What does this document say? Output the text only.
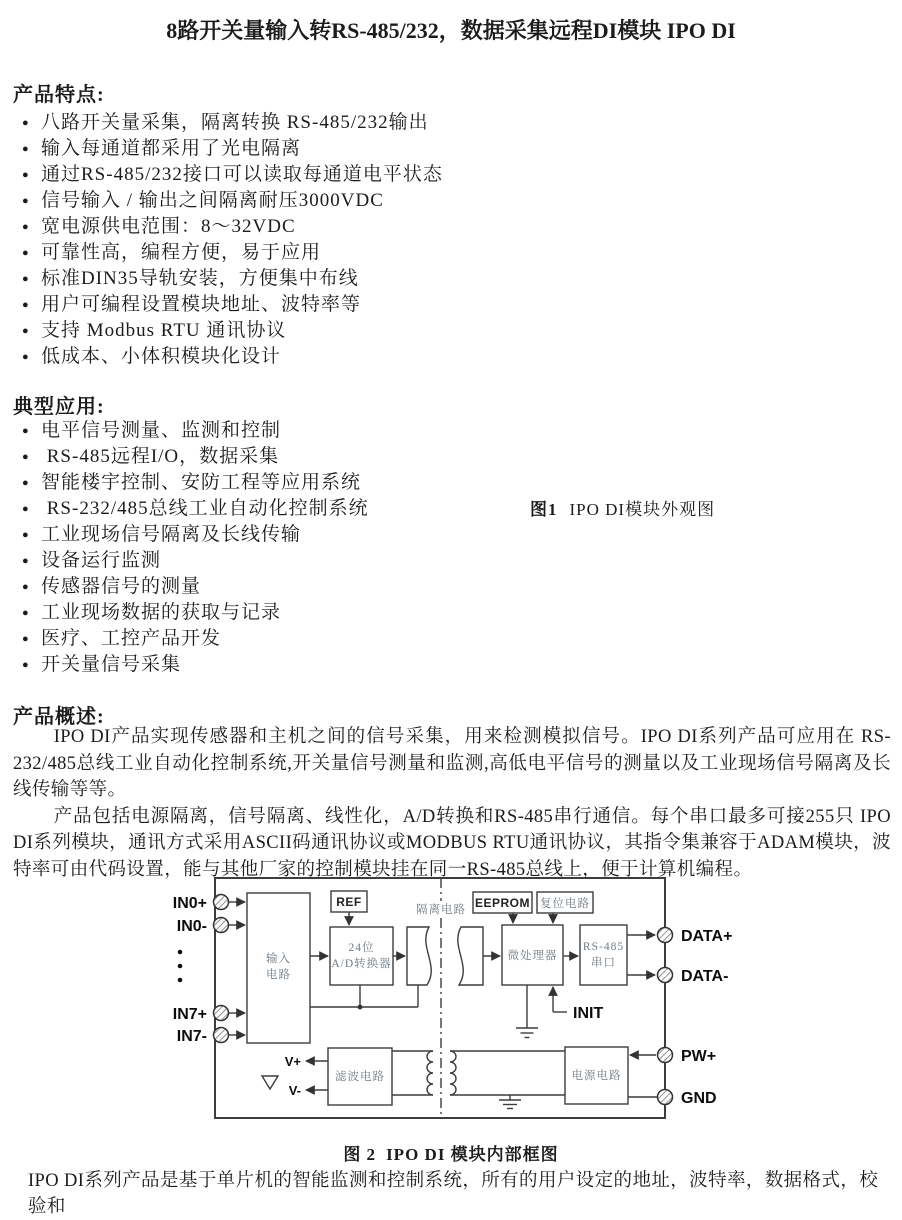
8路开关量输入转RS-485/232，数据采集远程DI模块 IPO DI
产品特点:
● 八路开关量采集，隔离转换 RS-485/232输出
● 输入每通道都采用了光电隔离
● 通过RS-485/232接口可以读取每通道电平状态
● 信号输入 / 输出之间隔离耐压3000VDC
● 宽电源供电范围：8～32VDC
● 可靠性高，编程方便，易于应用
● 标准DIN35导轨安装，方便集中布线
● 用户可编程设置模块地址、波特率等
● 支持 Modbus RTU 通讯协议
● 低成本、小体积模块化设计
典型应用:
● 电平信号测量、监测和控制
●  RS-485远程I/O，数据采集
● 智能楼宇控制、安防工程等应用系统
●  RS-232/485总线工业自动化控制系统
● 工业现场信号隔离及长线传输
● 设备运行监测
● 传感器信号的测量
● 工业现场数据的获取与记录
● 医疗、工控产品开发
● 开关量信号采集
图1 IPO DI模块外观图
产品概述:

IPO DI产品实现传感器和主机之间的信号采集，用来检测模拟信号。IPO DI系列产品可应用在 RS-232/485总线工业自动化控制系统,开关量信号测量和监测,高低电平信号的测量以及工业现场信号隔离及长线传输等等。

产品包括电源隔离，信号隔离、线性化，A/D转换和RS-485串行通信。每个串口最多可接255只 IPO DI系列模块，通讯方式采用ASCII码通讯协议或MODBUS RTU通讯协议，其指令集兼容于ADAM模块，波特率可由代码设置，能与其他厂家的控制模块挂在同一RS-485总线上，便于计算机编程。

输入
电路
REF
24位
A/D转换器
隔离电路 EEPROM 复位电路
微处理器
RS-485
串口
滤波电路	电源电路
IN0+
IN0-
IN7+
IN7-
DATA+
DATA-
PW+
GND
INIT
V+
V-
图 2 IPO DI 模块内部框图
IPO DI系列产品是基于单片机的智能监测和控制系统，所有的用户设定的地址，波特率，数据格式，校验和
